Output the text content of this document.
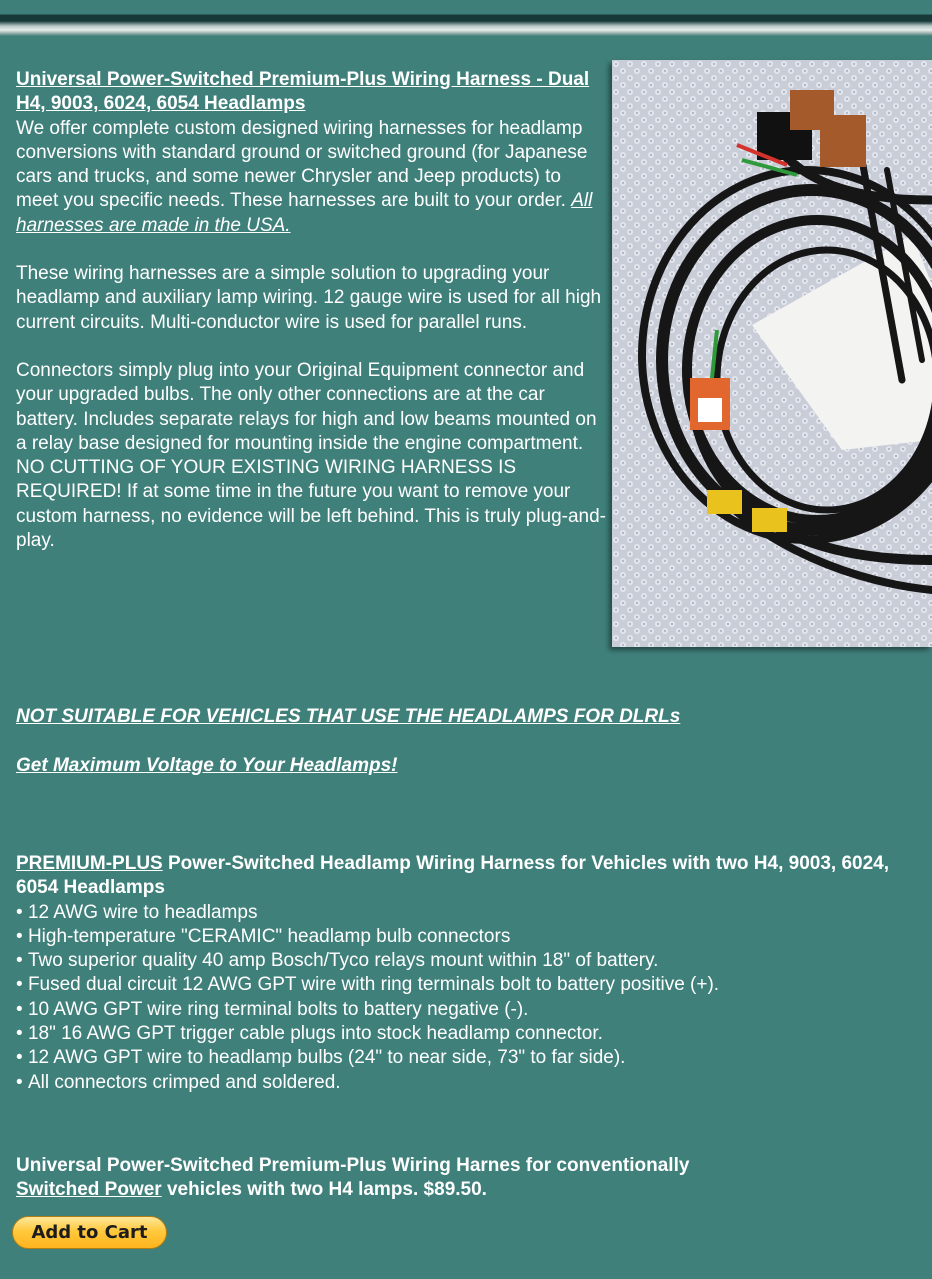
Universal Power-Switched Premium-Plus Wiring Harness - Dual H4, 9003, 6024, 6054 Headlamps

We offer complete custom designed wiring harnesses for headlamp conversions with standard ground or switched ground (for Japanese cars and trucks, and some newer Chrysler and Jeep products) to meet you specific needs. These harnesses are built to your order. All harnesses are made in the USA.

These wiring harnesses are a simple solution to upgrading your headlamp and auxiliary lamp wiring. 12 gauge wire is used for all high current circuits. Multi-conductor wire is used for parallel runs.

Connectors simply plug into your Original Equipment connector and your upgraded bulbs. The only other connections are at the car battery. Includes separate relays for high and low beams mounted on a relay base designed for mounting inside the engine compartment. NO CUTTING OF YOUR EXISTING WIRING HARNESS IS REQUIRED! If at some time in the future you want to remove your custom harness, no evidence will be left behind. This is truly plug-and-play.

NOT SUITABLE FOR VEHICLES THAT USE THE HEADLAMPS FOR DLRLs
Get Maximum Voltage to Your Headlamps!
PREMIUM-PLUS Power-Switched Headlamp Wiring Harness for Vehicles with two H4, 9003, 6024, 6054 Headlamps
• 12 AWG wire to headlamps
• High-temperature "CERAMIC" headlamp bulb connectors
• Two superior quality 40 amp Bosch/Tyco relays mount within 18" of battery.
• Fused dual circuit 12 AWG GPT wire with ring terminals bolt to battery positive (+).
• 10 AWG GPT wire ring terminal bolts to battery negative (-).
• 18" 16 AWG GPT trigger cable plugs into stock headlamp connector.
• 12 AWG GPT wire to headlamp bulbs (24" to near side, 73" to far side).
• All connectors crimped and soldered.
Universal Power-Switched Premium-Plus Wiring Harnes for conventionally
Switched Power vehicles with two H4 lamps. $89.50.
Add to Cart
